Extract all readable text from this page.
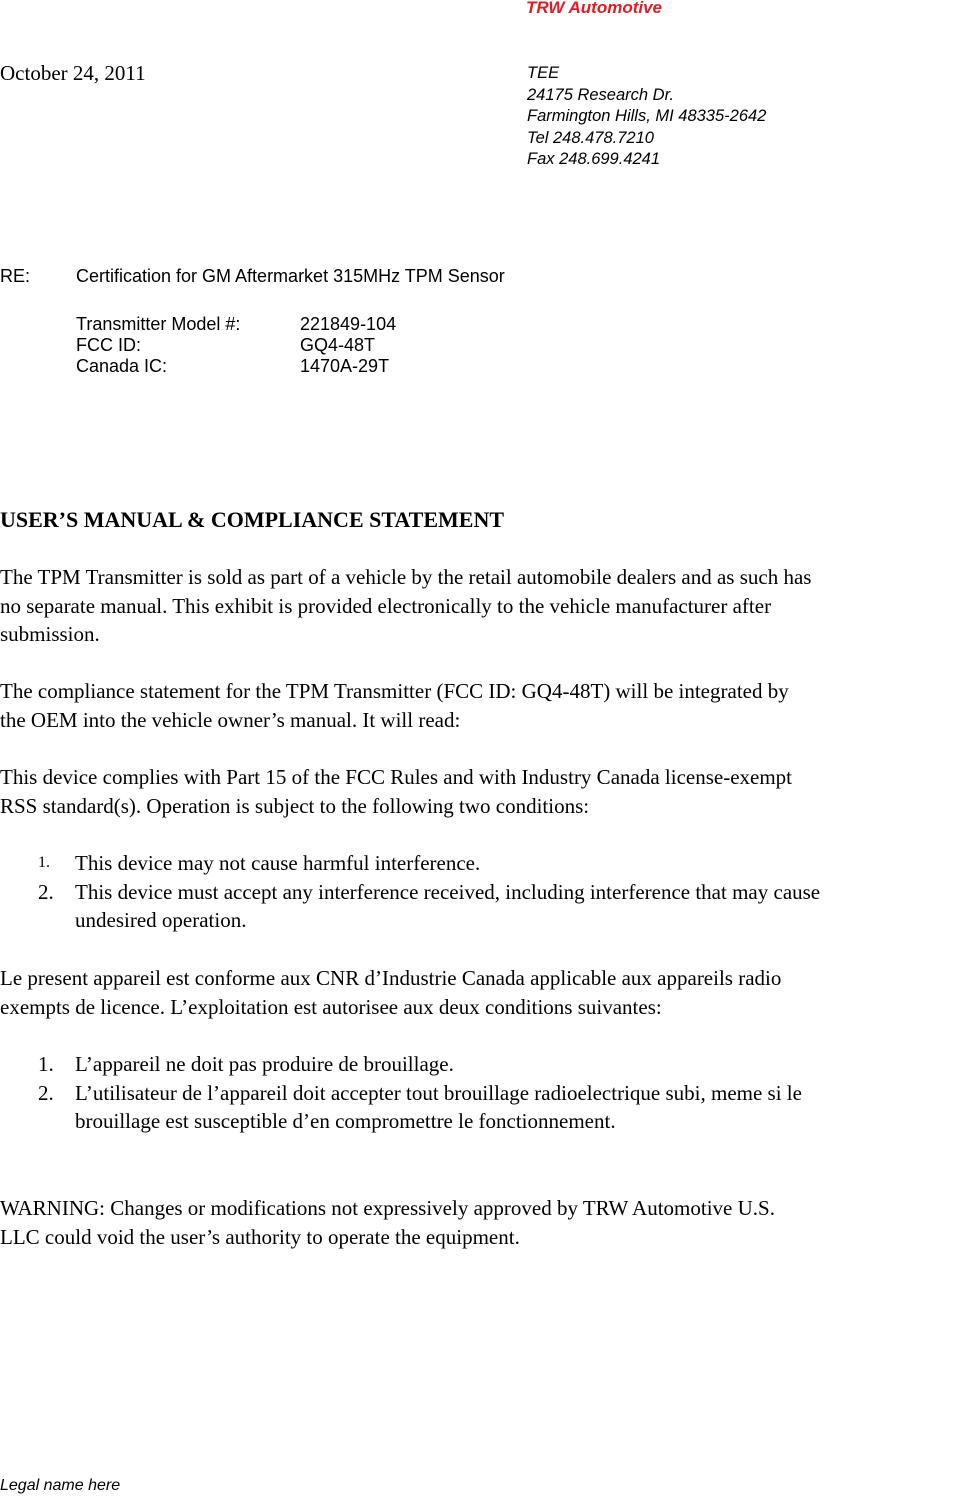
TRW Automotive
October 24, 2011	TEE
24175 Research Dr.
Farmington Hills, MI 48335-2642
Tel 248.478.7210
Fax 248.699.4241
RE:	Certification for GM Aftermarket 315MHz TPM Sensor
Transmitter Model #:	221849-104
FCC ID:	GQ4-48T
Canada IC:	1470A-29T
USER’S MANUAL & COMPLIANCE STATEMENT

The TPM Transmitter is sold as part of a vehicle by the retail automobile dealers and as such has
no separate manual. This exhibit is provided electronically to the vehicle manufacturer after
submission.

The compliance statement for the TPM Transmitter (FCC ID: GQ4-48T) will be integrated by
the OEM into the vehicle owner’s manual. It will read:

This device complies with Part 15 of the FCC Rules and with Industry Canada license-exempt
RSS standard(s). Operation is subject to the following two conditions:

1. This device may not cause harmful interference.
2. This device must accept any interference received, including interference that may cause
undesired operation.

Le present appareil est conforme aux CNR d’Industrie Canada applicable aux appareils radio
exempts de licence. L’exploitation est autorisee aux deux conditions suivantes:

1. L’appareil ne doit pas produire de brouillage.
2. L’utilisateur de l’appareil doit accepter tout brouillage radioelectrique subi, meme si le
brouillage est susceptible d’en compromettre le fonctionnement.

WARNING: Changes or modifications not expressively approved by TRW Automotive U.S.
LLC could void the user’s authority to operate the equipment.

Legal name here
